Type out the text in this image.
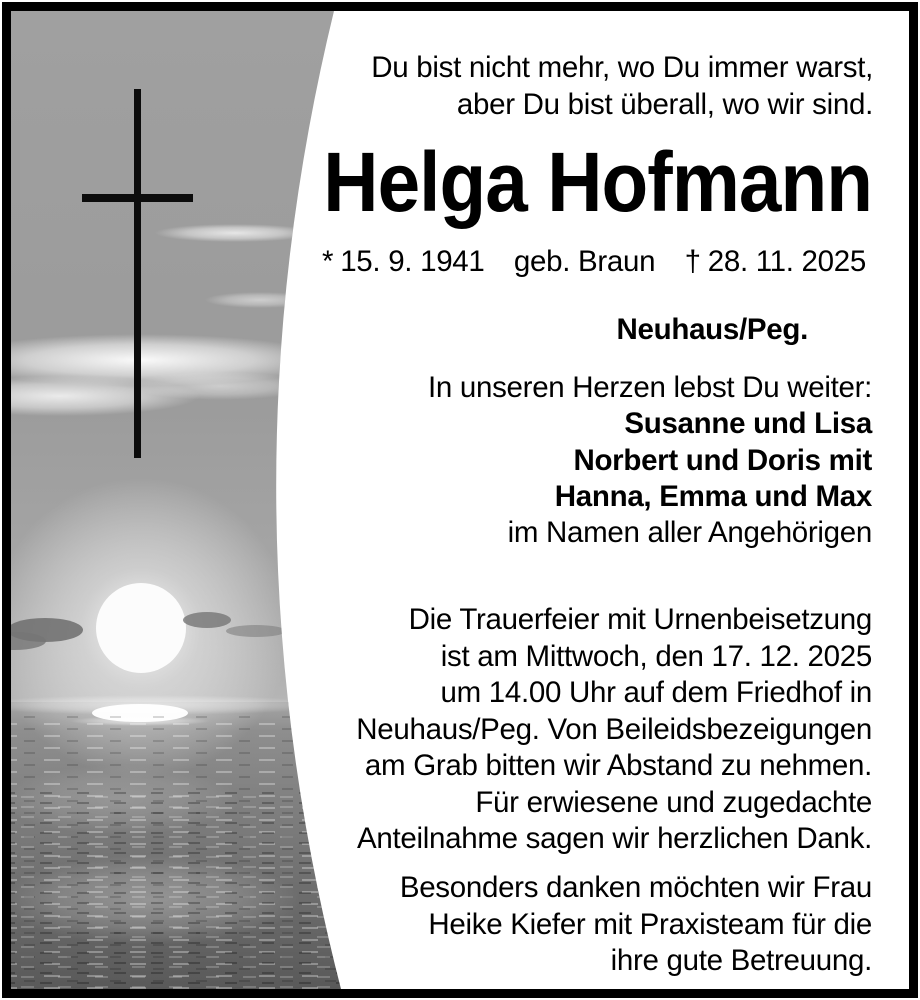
Du bist nicht mehr, wo Du immer warst,
aber Du bist überall, wo wir sind.
Helga Hofmann
* 15. 9. 1941 geb. Braun † 28. 11. 2025
Neuhaus/Peg.
In unseren Herzen lebst Du weiter:
Susanne und Lisa
Norbert und Doris mit
Hanna, Emma und Max
im Namen aller Angehörigen
Die Trauerfeier mit Urnenbeisetzung
ist am Mittwoch, den 17. 12. 2025
um 14.00 Uhr auf dem Friedhof in
Neuhaus/Peg. Von Beileidsbezeigungen
am Grab bitten wir Abstand zu nehmen.
Für erwiesene und zugedachte
Anteilnahme sagen wir herzlichen Dank.
Besonders danken möchten wir Frau
Heike Kiefer mit Praxisteam für die
ihre gute Betreuung.
